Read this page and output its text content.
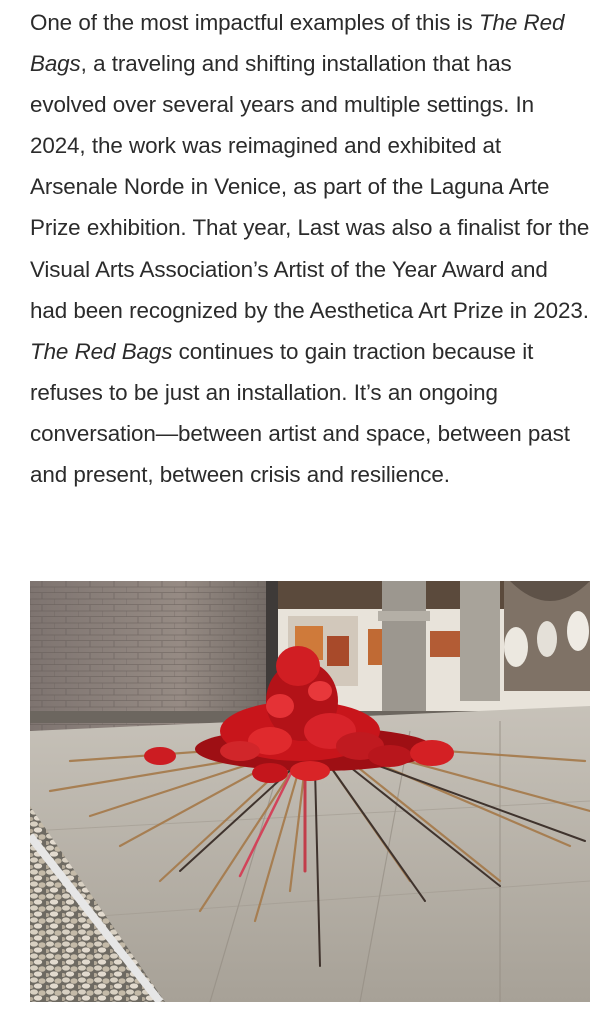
One of the most impactful examples of this is The Red Bags, a traveling and shifting installation that has evolved over several years and multiple settings. In 2024, the work was reimagined and exhibited at Arsenale Norde in Venice, as part of the Laguna Arte Prize exhibition. That year, Last was also a finalist for the Visual Arts Association’s Artist of the Year Award and had been recognized by the Aesthetica Art Prize in 2023. The Red Bags continues to gain traction because it refuses to be just an installation. It’s an ongoing conversation—between artist and space, between past and present, between crisis and resilience.
